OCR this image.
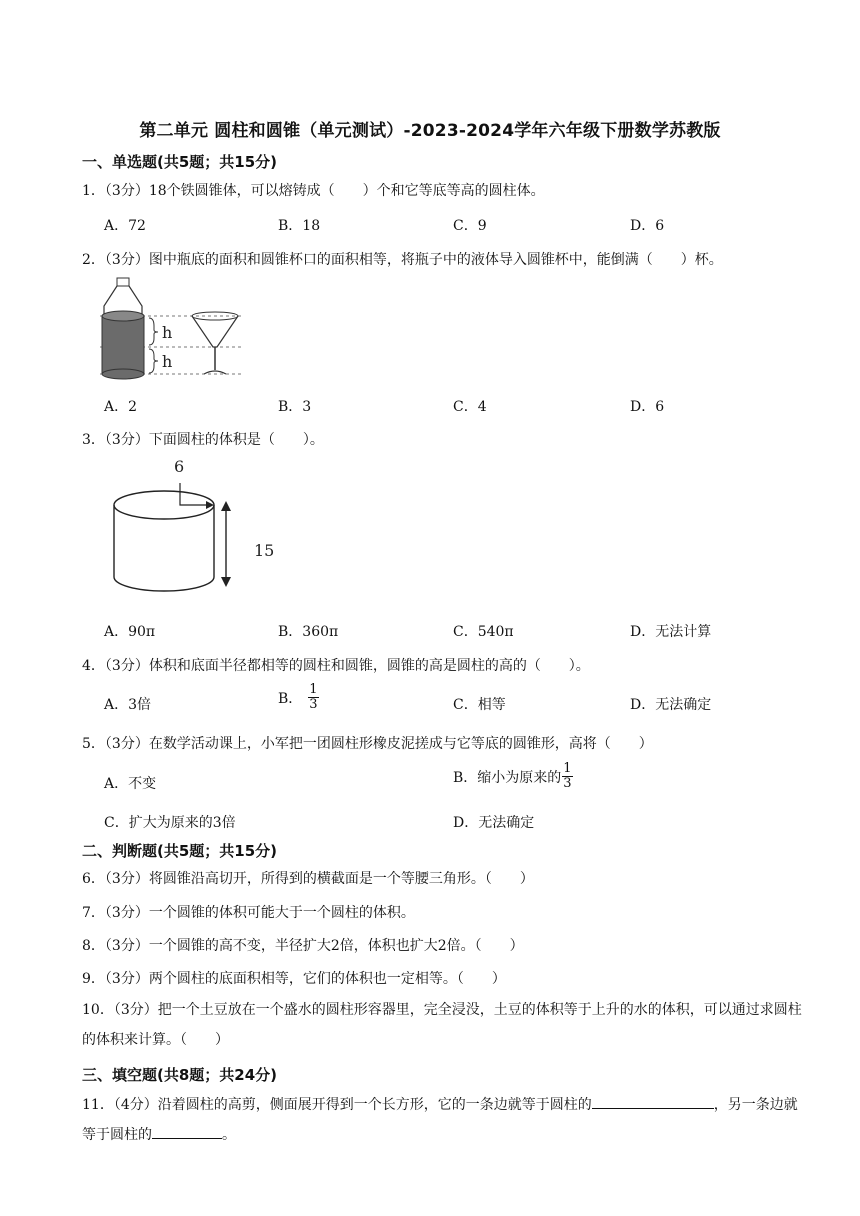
第二单元 圆柱和圆锥（单元测试）-2023-2024学年六年级下册数学苏教版
一、单选题(共5题；共15分)
1．（3分）18个铁圆锥体，可以熔铸成（　　）个和它等底等高的圆柱体。
A．72	B．18	C．9	D．6
2．（3分）图中瓶底的面积和圆锥杯口的面积相等，将瓶子中的液体导入圆锥杯中，能倒满（　　）杯。
h
h
A．2	B．3	C．4	D．6
3．（3分）下面圆柱的体积是（　　）。
6
15
A．90π	B．360π	C．540π	D．无法计算
4．（3分）体积和底面半径都相等的圆柱和圆锥，圆锥的高是圆柱的高的（　　）。
A．3倍	B． $\frac{1}{3}$	C．相等	D．无法确定
5．（3分）在数学活动课上，小军把一团圆柱形橡皮泥搓成与它等底的圆锥形，高将（　　）
A．不变	B．缩小为原来的 $\frac{1}{3}$
C．扩大为原来的3倍	D．无法确定
二、判断题(共5题；共15分)
6．（3分）将圆锥沿高切开，所得到的横截面是一个等腰三角形。（　　）
7．（3分）一个圆锥的体积可能大于一个圆柱的体积。
8．（3分）一个圆锥的高不变，半径扩大2倍，体积也扩大2倍。（　　）
9．（3分）两个圆柱的底面积相等，它们的体积也一定相等。（　　）
10．（3分）把一个土豆放在一个盛水的圆柱形容器里，完全浸没，土豆的体积等于上升的水的体积，可以通过求圆柱的体积来计算。（　　）
三、填空题(共8题；共24分)
11．（4分）沿着圆柱的高剪，侧面展开得到一个长方形，它的一条边就等于圆柱的	，另一条边就等于圆柱的	。
